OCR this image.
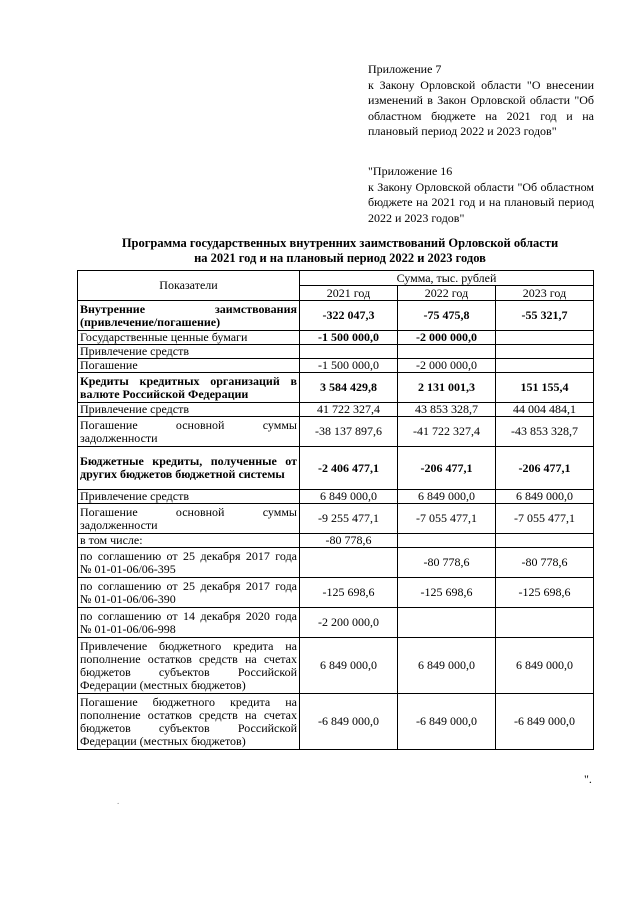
Приложение 7

к Закону Орловской области "О внесении изменений в Закон Орловской области "Об областном бюджете на 2021 год и на плановый период 2022 и 2023 годов"

"Приложение 16

к Закону Орловской области "Об областном бюджете на 2021 год и на плановый период 2022 и 2023 годов"

Программа государственных внутренних заимствований Орловской области
на 2021 год и на плановый период 2022 и 2023 годов
Показатели	Сумма, тыс. рублей		
	2021 год	2022 год	2023 год
Внутренние заимствования (привлечение/погашение)	-322 047,3	-75 475,8	-55 321,7
Государственные ценные бумаги	-1 500 000,0	-2 000 000,0	
Привлечение средств			
Погашение	-1 500 000,0	-2 000 000,0	
Кредиты кредитных организаций в валюте Российской Федерации	3 584 429,8	2 131 001,3	151 155,4
Привлечение средств	41 722 327,4	43 853 328,7	44 004 484,1
Погашение основной суммы задолженности	-38 137 897,6	-41 722 327,4	-43 853 328,7
Бюджетные кредиты, полученные от других бюджетов бюджетной системы	-2 406 477,1	-206 477,1	-206 477,1
Привлечение средств	6 849 000,0	6 849 000,0	6 849 000,0
Погашение основной суммы задолженности	-9 255 477,1	-7 055 477,1	-7 055 477,1
в том числе:	-80 778,6		
по соглашению от 25 декабря 2017 года № 01-01-06/06-395		-80 778,6	-80 778,6
по соглашению от 25 декабря 2017 года № 01-01-06/06-390	-125 698,6	-125 698,6	-125 698,6
по соглашению от 14 декабря 2020 года № 01-01-06/06-998	-2 200 000,0		
Привлечение бюджетного кредита на пополнение остатков средств на счетах бюджетов субъектов Российской Федерации (местных бюджетов)	6 849 000,0	6 849 000,0	6 849 000,0
Погашение бюджетного кредита на пополнение остатков средств на счетах бюджетов субъектов Российской Федерации (местных бюджетов)	-6 849 000,0	-6 849 000,0	-6 849 000,0
".
.
